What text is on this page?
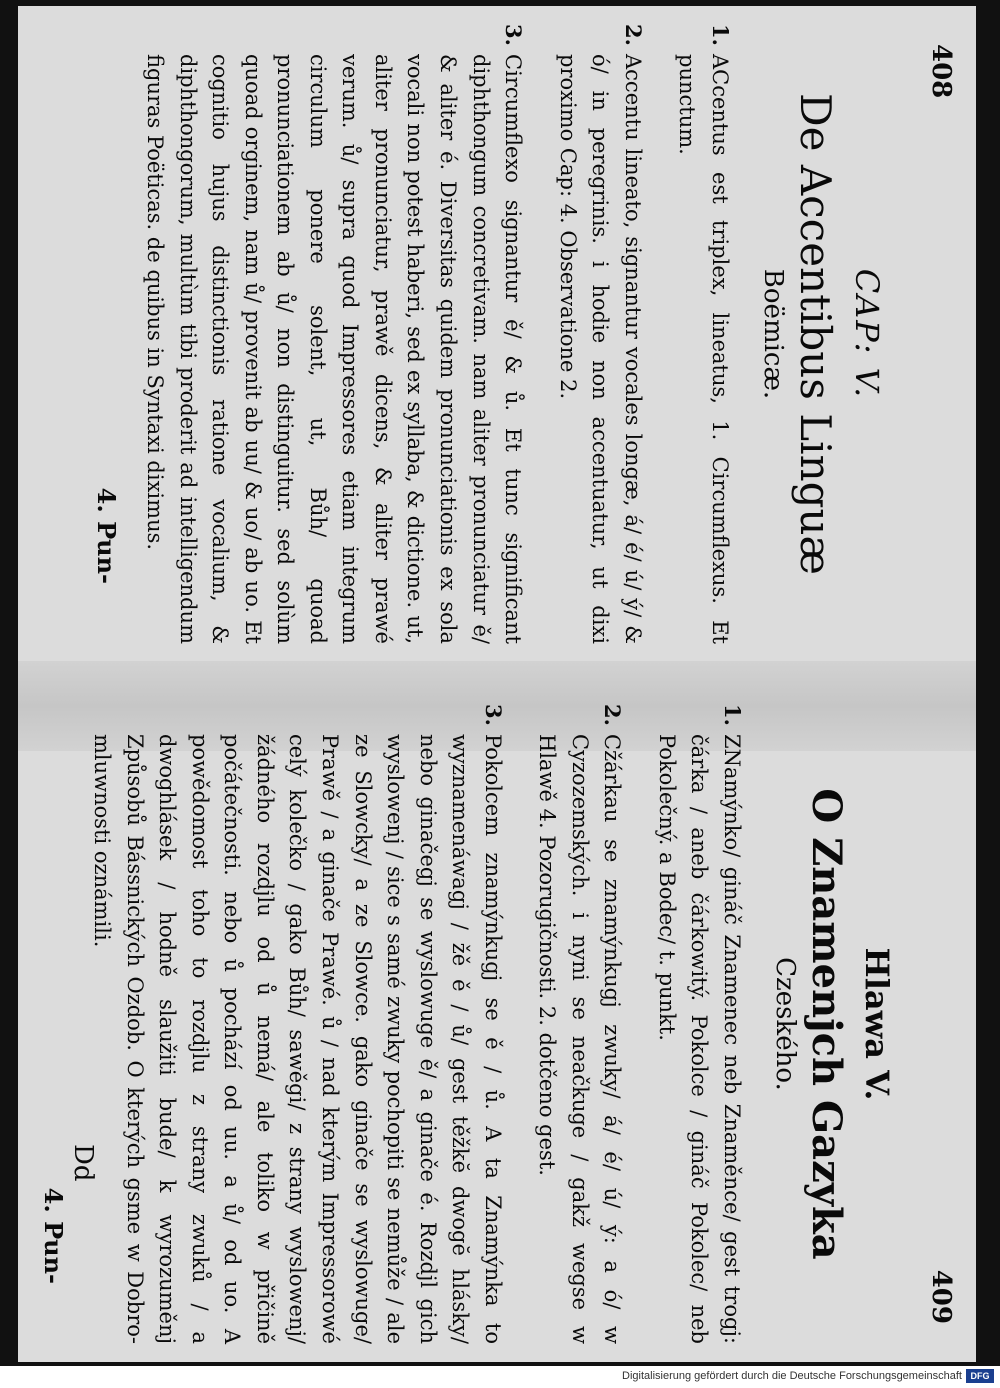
408
CAP: V.
De Accentibus Linguæ
Boëmicæ.
1.
ACcentus est triplex, lineatus, 1. Circumflexus. Et punctum.
2.
Accentu lineato, signantur vocales longæ, á/ é/ ú/ ý/ & ó/ in peregrinis. i hodie non accentuatur, ut dixi proximo Cap: 4. Observatione 2.
3.
Circumflexo signantur ě/ & ů. Et tunc significant diphthongum concretivam. nam aliter pronunciatur ě/ & aliter é. Diversitas quidem pronunciationis ex sola vocali non potest haberi, sed ex syllaba, & dictione. ut, aliter pronunciatur, prawě dicens, & aliter prawé verum. ů/ supra quod Impressores etiam integrum circulum ponere solent, ut, Bůh/ quoad pronunciationem ab ů/ non distinguitur. sed solùm quoad orginem, nam ů/ provenit ab uu/ & uo/ ab uo. Et cognitio hujus distinctionis ratione vocalium, & diphthongorum, multùm tibi proderit ad intelligendum figuras Poëticas. de quibus in Syntaxi diximus.
4. Pun-
409
Hlawa V.
O Znamenjch Gazyka
Czeského.
1.
ZNamýnko/ gináč Znamenec neb Znaměnce/ gest trogj: čárka / aneb čárkowitý. Pokolce / gináč Pokolec/ neb Pokolečný. a Bodec/ t. punkt.
2.
Cžárkau se znamýnkugj zwuky/ á/ é/ ú/ ý: a ó/ w Cyzozemských. i nyni se neačkuge / gakž wegse w Hlawě 4. Pozorugičnosti. 2. dotčeno gest.
3.
Pokolcem znamýnkugj se ě / ů. A ta Znamýnka to wyznamenáwagj / žě ě / ů/ gest těžkĕ dwogĕ hlásky/ nebo ginačegj se wyslowuge ě/ a ginače é. Rozdjl gich wyslowenj / sice s samé zwuky pochopiti se nemůže / ale ze Slowcky/ a ze Slowce. gako ginače se wyslowuge/ Prawě / a ginače Prawé. ů / nad kterým Impressorowé celý kolečko / gako Bůh/ sawěgi/ z strany wyslowenj/ žádného rozdjlu od ů nemá/ ale toliko w přičině počátečnosti. nebo ů pochází od uu. a ů/ od uo. A powědomost toho to rozdjlu z strany zwuků / a dwoghlásek / hodně slaužiti bude/ k wyrozuměnj Způsobů Bássnických Ozdob. O kterých gsme w Dobro-mluwnosti oznámili.
4. Pun-
Dd
Digitalisierung gefördert durch die Deutsche Forschungsgemeinschaft DFG
